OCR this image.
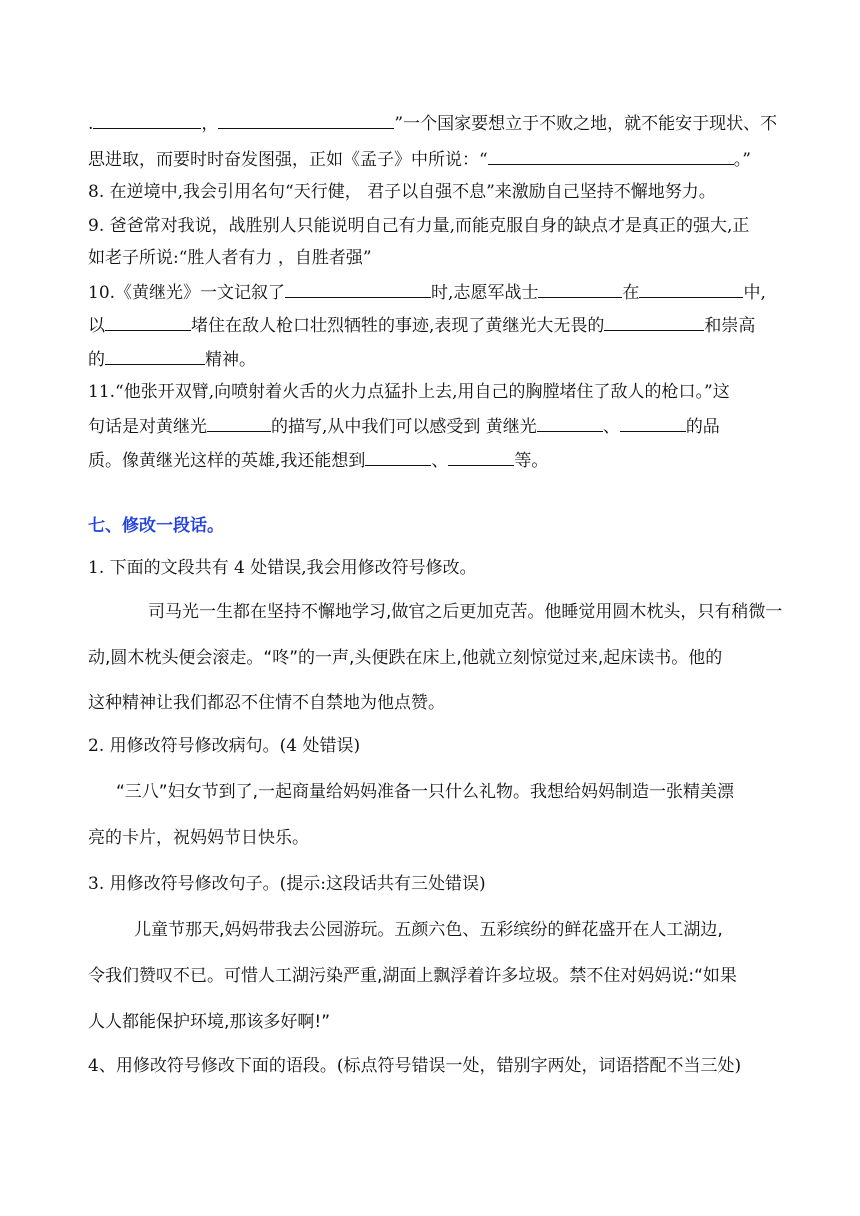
.	，	”一个国家要想立于不败之地，就不能安于现状、不
思进取，而要时时奋发图强，正如《孟子》中所说：“	。”
8. 在逆境中,我会引用名句“天行健， 君子以自强不息”来激励自己坚持不懈地努力。
9. 爸爸常对我说，战胜别人只能说明自己有力量,而能克服自身的缺点才是真正的强大,正
如老子所说:“胜人者有力 ，自胜者强”
10.《黄继光》一文记叙了	时,志愿军战士	在	中,
以	堵住在敌人枪口壮烈牺牲的事迹,表现了黄继光大无畏的	和崇高
的	精神。
11.“他张开双臂,向喷射着火舌的火力点猛扑上去,用自己的胸膛堵住了敌人的枪口。”这
句话是对黄继光	的描写,从中我们可以感受到 黄继光	、	的品
质。像黄继光这样的英雄,我还能想到	、	等。
七、修改一段话。
1. 下面的文段共有 4 处错误,我会用修改符号修改。
司马光一生都在坚持不懈地学习,做官之后更加克苦。他睡觉用圆木枕头，只有稍微一
动,圆木枕头便会滚走。“咚”的一声,头便跌在床上,他就立刻惊觉过来,起床读书。他的
这种精神让我们都忍不住情不自禁地为他点赞。
2. 用修改符号修改病句。(4 处错误)
“三八”妇女节到了,一起商量给妈妈准备一只什么礼物。我想给妈妈制造一张精美漂
亮的卡片，祝妈妈节日快乐。
3. 用修改符号修改句子。(提示:这段话共有三处错误)
儿童节那天,妈妈带我去公园游玩。五颜六色、五彩缤纷的鲜花盛开在人工湖边,
令我们赞叹不已。可惜人工湖污染严重,湖面上飘浮着许多垃圾。禁不住对妈妈说:“如果
人人都能保护环境,那该多好啊!”
4、用修改符号修改下面的语段。(标点符号错误一处，错别字两处，词语搭配不当三处)
